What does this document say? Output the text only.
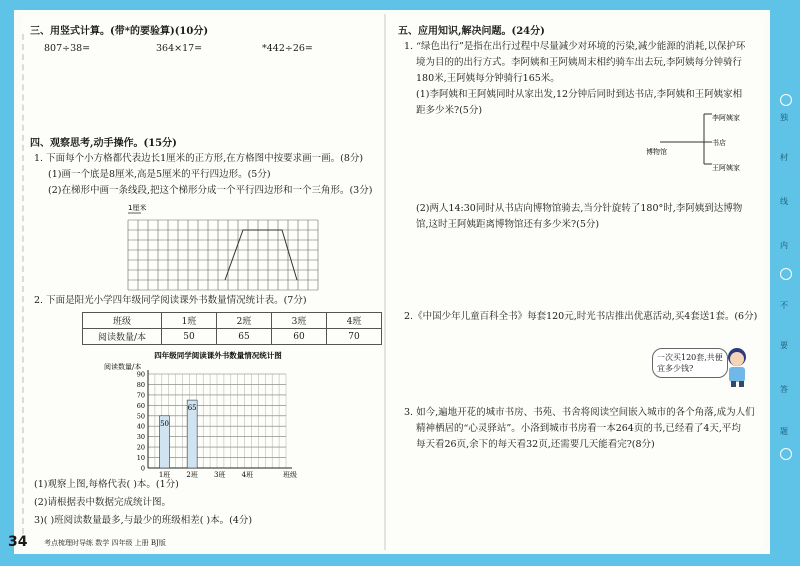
三、用竖式计算。(带*的要验算)(10分)
807÷38=	364×17=	*442÷26=
四、观察思考,动手操作。(15分)
1. 下面每个小方格都代表边长1厘米的正方形,在方格图中按要求画一画。(8分)
(1)画一个底是8厘米,高是5厘米的平行四边形。(5分)
(2)在梯形中画一条线段,把这个梯形分成一个平行四边形和一个三角形。(3分)
1厘米
2. 下面是阳光小学四年级同学阅读课外书数量情况统计表。(7分)
班级	1班	2班	3班	4班
阅读数量/本	50	65	60	70
四年级同学阅读课外书数量情况统计图
阅读数量/本
0
10
20
30
40
50
60
70
80
90
50
1班
65
2班 3班 4班	班级
(1)观察上图,每格代表( )本。(1分)
(2)请根据表中数据完成统计图。
3)( )班阅读数量最多,与最少的班级相差( )本。(4分)
34 考点梳理时导练 数学 四年级 上册 BJ版
五、应用知识,解决问题。(24分)
1. “绿色出行”是指在出行过程中尽量减少对环境的污染,减少能源的消耗,以保护环
境为目的的出行方式。李阿姨和王阿姨周末相约骑车出去玩,李阿姨每分钟骑行
180米,王阿姨每分钟骑行165米。
(1)李阿姨和王阿姨同时从家出发,12分钟后同时到达书店,李阿姨和王阿姨家相
距多少米?(5分)
李阿姨家
书店
博物馆
王阿姨家
(2)两人14:30同时从书店向博物馆骑去,当分针旋转了180°时,李阿姨到达博物
馆,这时王阿姨距离博物馆还有多少米?(5分)
2.《中国少年儿童百科全书》每套120元,时光书店推出优惠活动,买4套送1套。(6分)
一次买120套,共便宜多少钱?
3. 如今,遍地开花的城市书房、书苑、书舍将阅读空间嵌入城市的各个角落,成为人们
精神栖居的“心灵驿站”。小洛到城市书房看一本264页的书,已经看了4天,平均
每天看26页,余下的每天看32页,还需要几天能看完?(8分)
独
村
线
内
不
要
答
题
